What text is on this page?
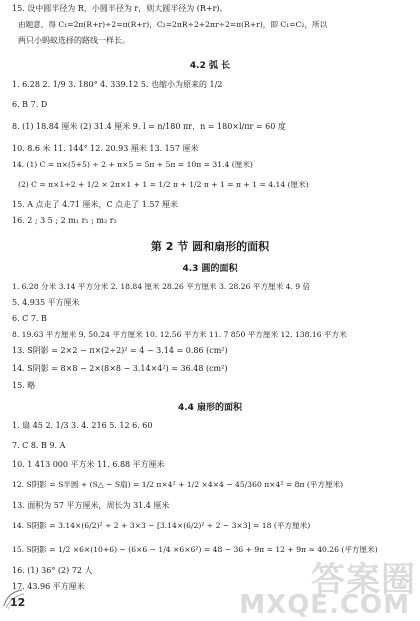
15. 设中圆半径为 R，小圆半径为 r，则大圆半径为 (R+r)。
由题意，得 C₁=2π(R+r)÷2=π(R+r)，C₂=2πR÷2+2πr÷2=π(R+r)，即 C₁=C₂，所以
两只小蚂蚁选择的路线一样长。
4.2 弧 长
1. 6.28 2. 1/9 3. 180° 4. 339.12 5. 也缩小为原来的 1/2
6. B 7. D
8. (1) 18.84 厘米 (2) 31.4 厘米 9. l = n/180 πr，n = 180×l/πr = 60 度
10. 8.6 米 11. 144° 12. 20.93 厘米 13. 157 厘米
14. (1) C = π×(5+5) ÷ 2 + π×5 = 5π + 5π = 10π = 31.4 (厘米)
(2) C = π×1÷2 + 1/2 × 2π×1 + 1 = 1/2 π + 1/2 π + 1 = π + 1 = 4.14 (厘米)
15. A 点走了 4.71 厘米，C 点走了 1.57 厘米
16. 2 ; 3 5 ; 2 m₁ r₁ ; m₂ r₂
第 2 节 圆和扇形的面积
4.3 圆的面积
1. 6.28 分米 3.14 平方分米 2. 18.84 厘米 28.26 平方厘米 3. 28.26 平方厘米 4. 9 倍
5. 4.935 平方厘米
6. C 7. B
8. 19.63 平方厘米 9. 50.24 平方厘米 10. 12.56 平方米 11. 7 850 平方厘米 12. 138.16 平方米
13. S阴影 = 2×2 − π×(2÷2)² = 4 − 3.14 = 0.86 (cm²)
14. S阴影 = 8×8 − 2×(8×8 − 3.14×4²) = 36.48 (cm²)
15. 略
4.4 扇形的面积
1. 扇 45 2. 1/3 3. 4. 216 5. 12 6. 60
7. C 8. B 9. A
10. 1 413 000 平方米 11. 6.88 平方厘米
12. S阴影 = S半圆 + (S△ − S扇) = 1/2 π×4² + 1/2 ×4×4 − 45/360 π×4² = 8π (平方厘米)
13. 面积为 57 平方厘米，周长为 31.4 厘米
14. S阴影 = 3.14×(6/2)² ÷ 2 + 3×3 − [3.14×(6/2)² ÷ 2 − 3×3] = 18 (平方厘米)
15. S阴影 = 1/2 ×6×(10+6) − (6×6 − 1/4 ×6×6²) = 48 − 36 + 9π = 12 + 9π ≈ 40.26 (平方厘米)
16. (1) 36° (2) 72 人
17. 43.96 平方厘米
12
答案圈
MXQE.COM
